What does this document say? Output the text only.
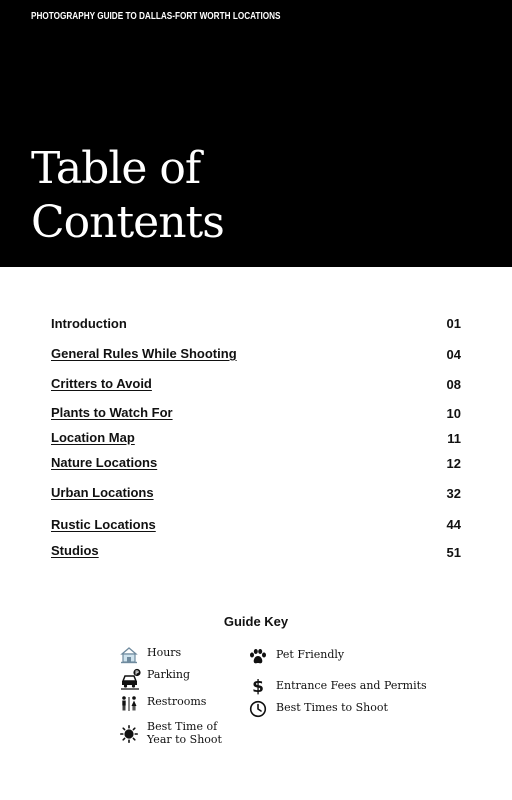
PHOTOGRAPHY GUIDE TO DALLAS-FORT WORTH LOCATIONS
Table of
Contents
Introduction	01
General Rules While Shooting	04
Critters to Avoid	08
Plants to Watch For	10
Location Map	11
Nature Locations	12
Urban Locations	32
Rustic Locations	44
Studios	51
Guide Key
Hours
P Parking
Restrooms
Best Time of
Year to Shoot
Pet Friendly
$ Entrance Fees and Permits
Best Times to Shoot
